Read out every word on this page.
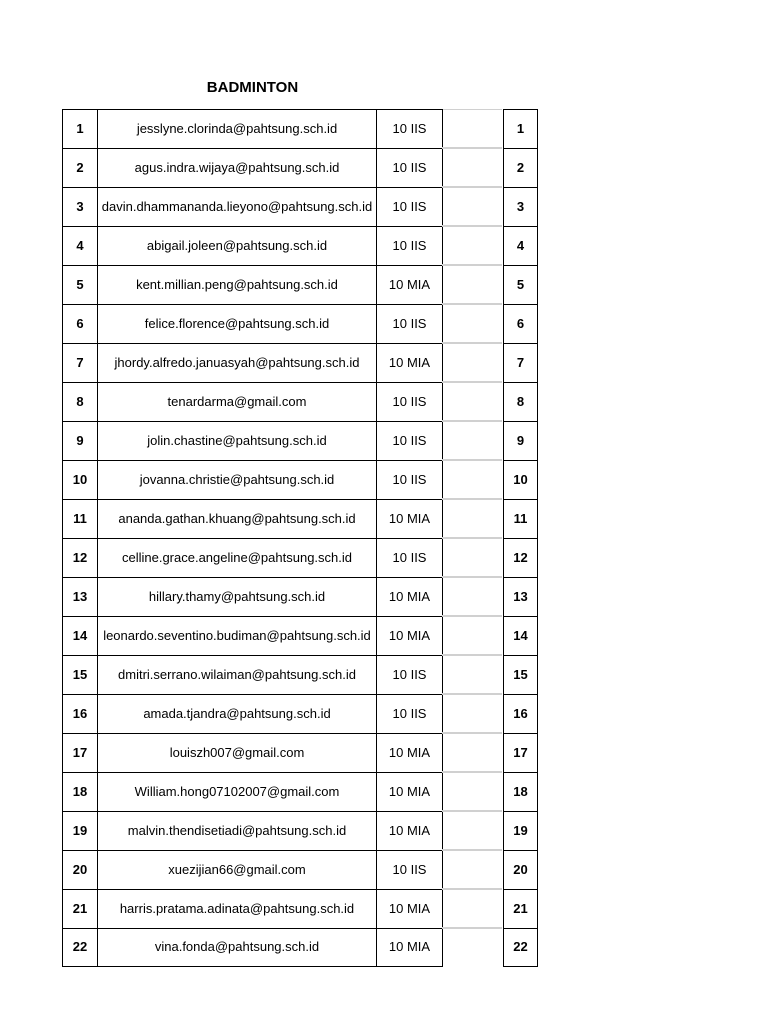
BADMINTON
1	jesslyne.clorinda@pahtsung.sch.id	10 IIS			1
2	agus.indra.wijaya@pahtsung.sch.id	10 IIS			2
3	davin.dhammananda.lieyono@pahtsung.sch.id	10 IIS			3
4	abigail.joleen@pahtsung.sch.id	10 IIS			4
5	kent.millian.peng@pahtsung.sch.id	10 MIA			5
6	felice.florence@pahtsung.sch.id	10 IIS			6
7	jhordy.alfredo.januasyah@pahtsung.sch.id	10 MIA			7
8	tenardarma@gmail.com	10 IIS			8
9	jolin.chastine@pahtsung.sch.id	10 IIS			9
10	jovanna.christie@pahtsung.sch.id	10 IIS			10
11	ananda.gathan.khuang@pahtsung.sch.id	10 MIA			11
12	celline.grace.angeline@pahtsung.sch.id	10 IIS			12
13	hillary.thamy@pahtsung.sch.id	10 MIA			13
14	leonardo.seventino.budiman@pahtsung.sch.id	10 MIA			14
15	dmitri.serrano.wilaiman@pahtsung.sch.id	10 IIS			15
16	amada.tjandra@pahtsung.sch.id	10 IIS			16
17	louiszh007@gmail.com	10 MIA			17
18	William.hong07102007@gmail.com	10 MIA			18
19	malvin.thendisetiadi@pahtsung.sch.id	10 MIA			19
20	xuezijian66@gmail.com	10 IIS			20
21	harris.pratama.adinata@pahtsung.sch.id	10 MIA			21
22	vina.fonda@pahtsung.sch.id	10 MIA			22
